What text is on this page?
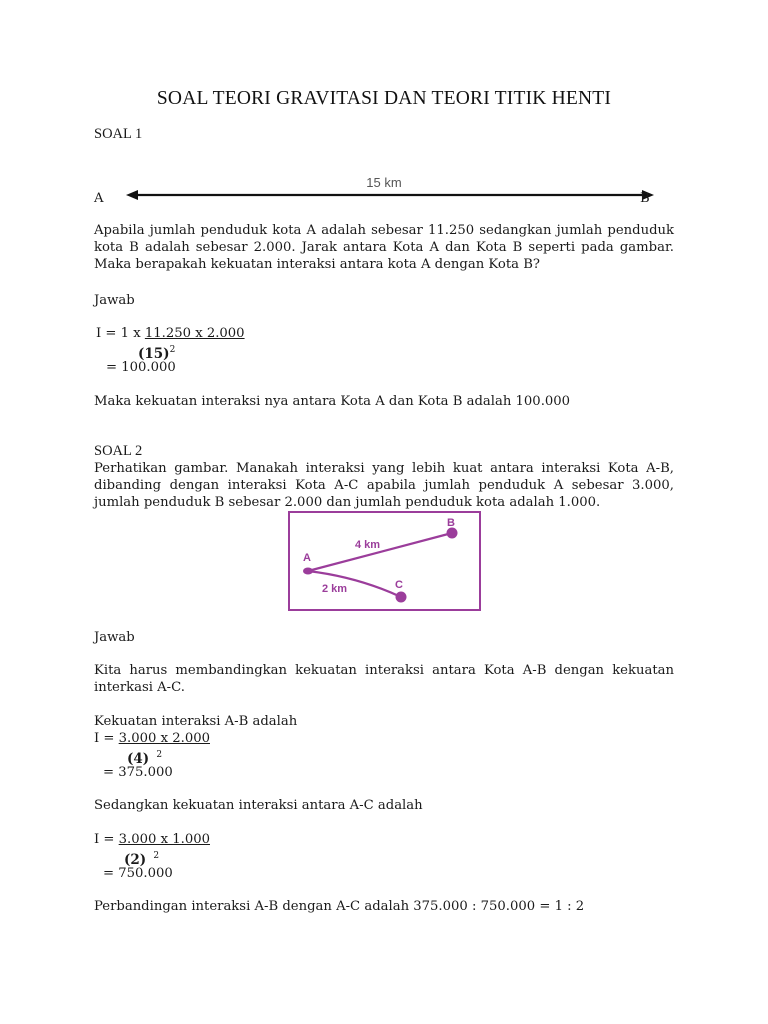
SOAL TEORI GRAVITASI DAN TEORI TITIK HENTI
SOAL 1
15 km
A	B
Apabila jumlah penduduk kota A adalah sebesar 11.250 sedangkan jumlah penduduk kota B adalah sebesar 2.000. Jarak antara Kota A dan Kota B seperti pada gambar. Maka berapakah kekuatan interaksi antara kota A dengan Kota B?
Jawab
I = 1 x 11.250 x 2.000
$(15)^2$
= 100.000
Maka kekuatan interaksi nya antara Kota A dan Kota B adalah 100.000
SOAL 2
Perhatikan gambar. Manakah interaksi yang lebih kuat antara interaksi Kota A-B, dibanding dengan interaksi Kota A-C apabila jumlah penduduk A sebesar 3.000, jumlah penduduk B sebesar 2.000 dan jumlah penduduk kota adalah 1.000.
A
B
C
4 km
2 km
Jawab
Kita harus membandingkan kekuatan interaksi antara Kota A-B dengan kekuatan interkasi A-C.
Kekuatan interaksi A-B adalah
I = 3.000 x 2.000
(4) $^2$
= 375.000
Sedangkan kekuatan interaksi antara A-C adalah
I = 3.000 x 1.000
(2) $^2$
= 750.000
Perbandingan interaksi A-B dengan A-C adalah 375.000 : 750.000 = 1 : 2
